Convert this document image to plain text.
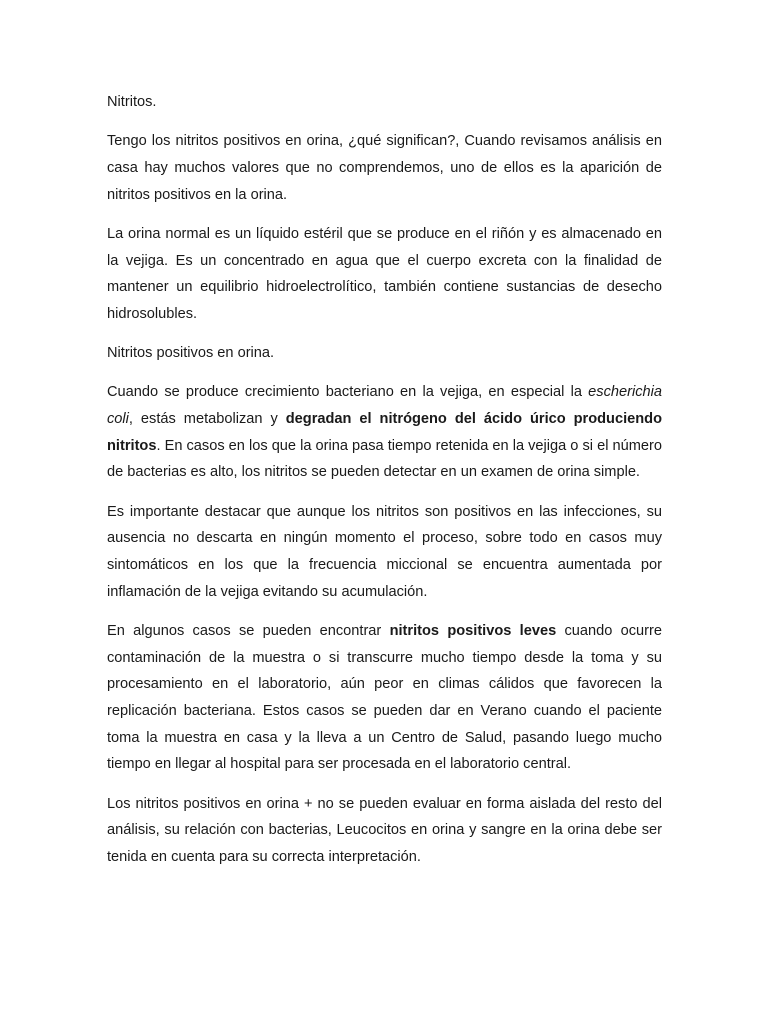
Nitritos.

Tengo los nitritos positivos en orina, ¿qué significan?, Cuando revisamos análisis en casa hay muchos valores que no comprendemos, uno de ellos es la aparición de nitritos positivos en la orina.

La orina normal es un líquido estéril que se produce en el riñón y es almacenado en la vejiga. Es un concentrado en agua que el cuerpo excreta con la finalidad de mantener un equilibrio hidroelectrolítico, también contiene sustancias de desecho hidrosolubles.

Nitritos positivos en orina.

Cuando se produce crecimiento bacteriano en la vejiga, en especial la escherichia coli, estás metabolizan y degradan el nitrógeno del ácido úrico produciendo nitritos. En casos en los que la orina pasa tiempo retenida en la vejiga o si el número de bacterias es alto, los nitritos se pueden detectar en un examen de orina simple.

Es importante destacar que aunque los nitritos son positivos en las infecciones, su ausencia no descarta en ningún momento el proceso, sobre todo en casos muy sintomáticos en los que la frecuencia miccional se encuentra aumentada por inflamación de la vejiga evitando su acumulación.

En algunos casos se pueden encontrar nitritos positivos leves cuando ocurre contaminación de la muestra o si transcurre mucho tiempo desde la toma y su procesamiento en el laboratorio, aún peor en climas cálidos que favorecen la replicación bacteriana. Estos casos se pueden dar en Verano cuando el paciente toma la muestra en casa y la lleva a un Centro de Salud, pasando luego mucho tiempo en llegar al hospital para ser procesada en el laboratorio central.

Los nitritos positivos en orina + no se pueden evaluar en forma aislada del resto del análisis, su relación con bacterias, Leucocitos en orina y sangre en la orina debe ser tenida en cuenta para su correcta interpretación.
